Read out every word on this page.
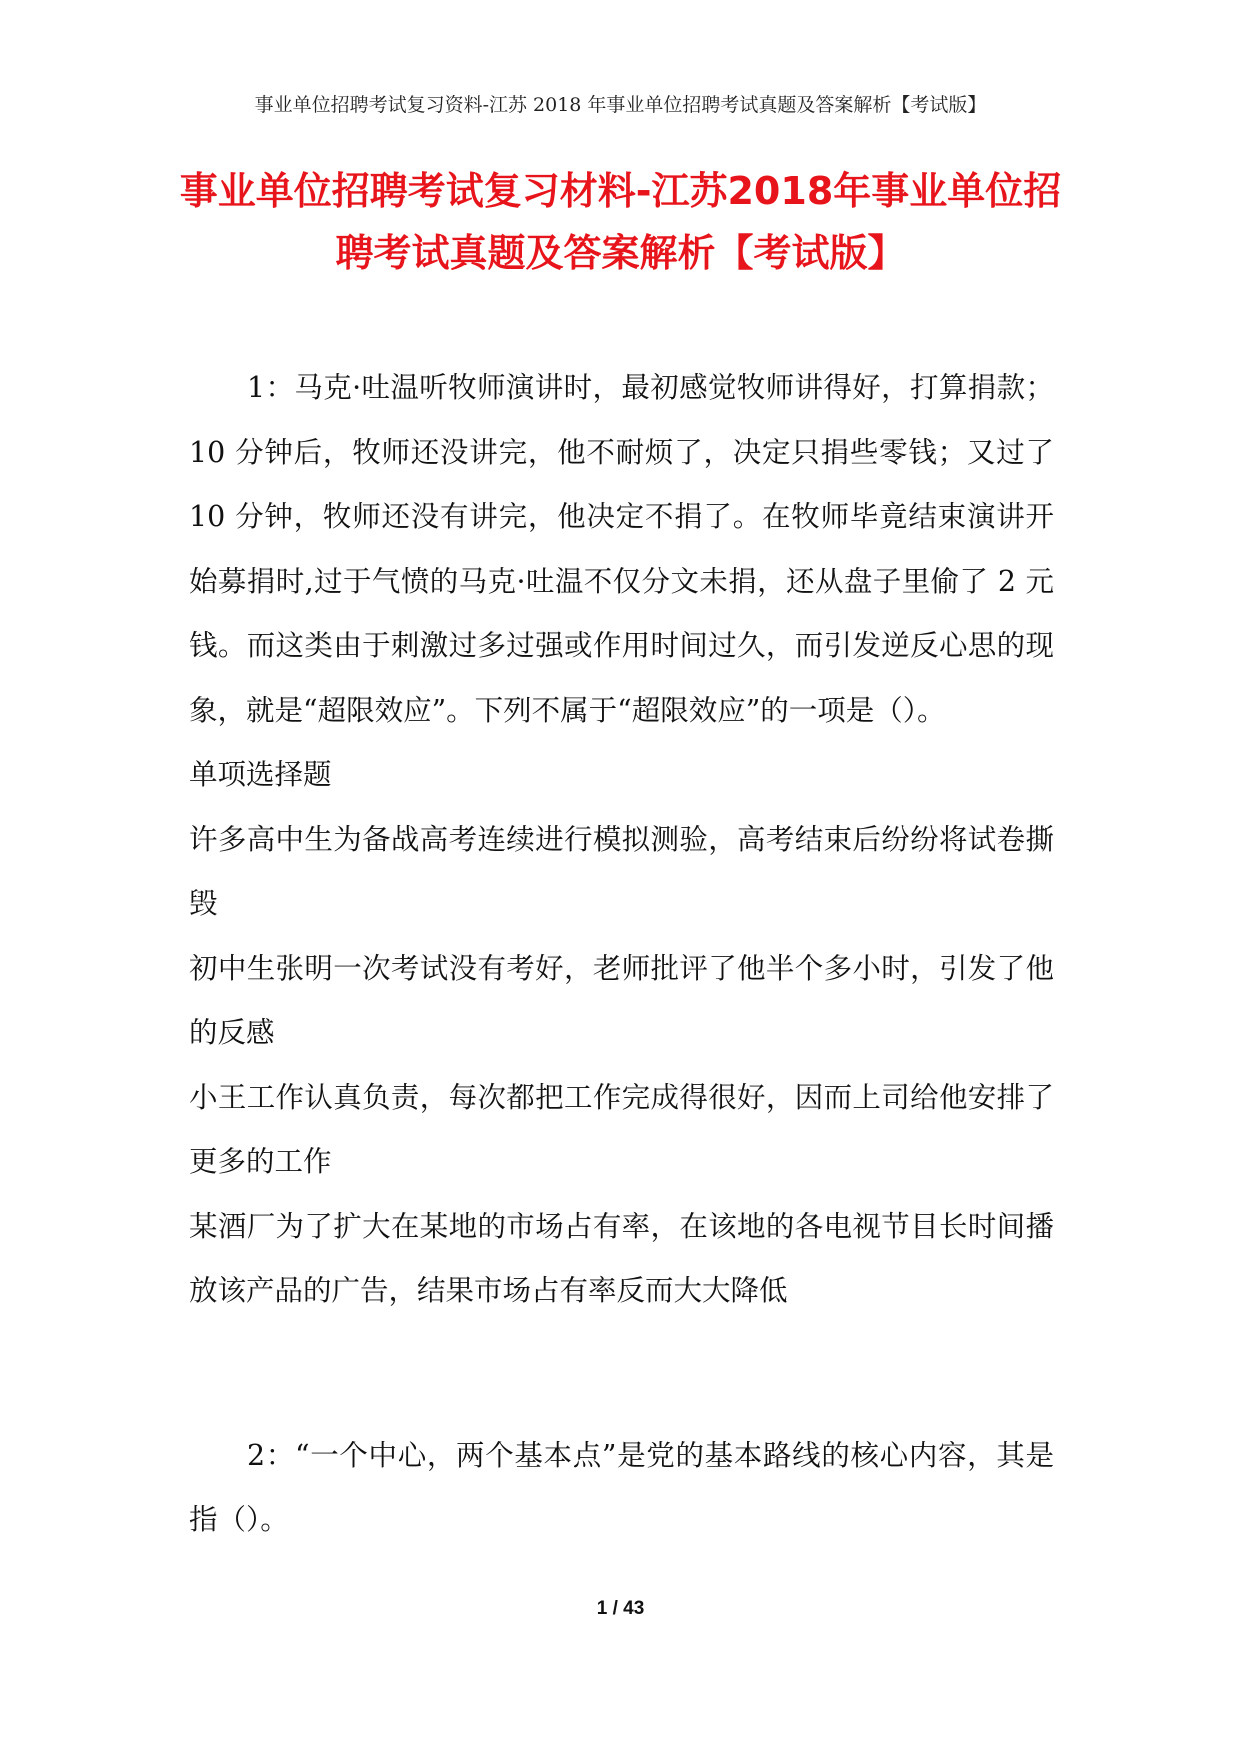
事业单位招聘考试复习资料-江苏 2018 年事业单位招聘考试真题及答案解析【考试版】
事业单位招聘考试复习材料-江苏2018年事业单位招
聘考试真题及答案解析【考试版】

1：马克·吐温听牧师演讲时，最初感觉牧师讲得好，打算捐款；10 分钟后，牧师还没讲完，他不耐烦了，决定只捐些零钱；又过了 10 分钟，牧师还没有讲完，他决定不捐了。在牧师毕竟结束演讲开始募捐时,过于气愤的马克·吐温不仅分文未捐，还从盘子里偷了 2 元钱。而这类由于刺激过多过强或作用时间过久，而引发逆反心思的现象，就是“超限效应”。下列不属于“超限效应”的一项是（）。

单项选择题

许多高中生为备战高考连续进行模拟测验，高考结束后纷纷将试卷撕毁

初中生张明一次考试没有考好，老师批评了他半个多小时，引发了他的反感

小王工作认真负责，每次都把工作完成得很好，因而上司给他安排了更多的工作

某酒厂为了扩大在某地的市场占有率，在该地的各电视节目长时间播放该产品的广告，结果市场占有率反而大大降低

2：“一个中心，两个基本点”是党的基本路线的核心内容，其是指（）。

1 / 43
